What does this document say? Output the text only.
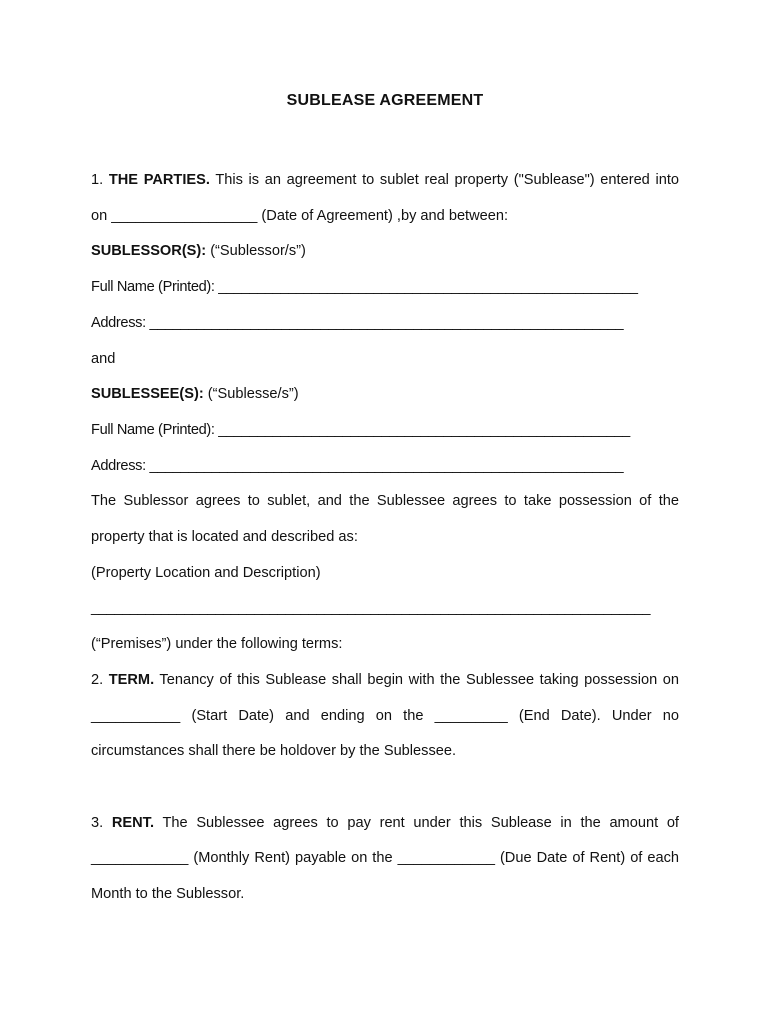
SUBLEASE AGREEMENT
1. THE PARTIES. This is an agreement to sublet real property ("Sublease") entered into
on __________________ (Date of Agreement) ,by and between:
SUBLESSOR(S): (“Sublessor/s”)
Full Name (Printed): ______________________________________________________
Address: _____________________________________________________________
and
SUBLESSEE(S): (“Sublesse/s”)
Full Name (Printed): _____________________________________________________
Address: _____________________________________________________________
The Sublessor agrees to sublet, and the Sublessee agrees to take possession of the
property that is located and described as:
(Property Location and Description)
________________________________________________________________________
(“Premises”) under the following terms:
2. TERM. Tenancy of this Sublease shall begin with the Sublessee taking possession on
___________ (Start Date) and ending on the _________ (End Date). Under no
circumstances shall there be holdover by the Sublessee.
3. RENT. The Sublessee agrees to pay rent under this Sublease in the amount of
____________ (Monthly Rent) payable on the ____________ (Due Date of Rent) of each
Month to the Sublessor.
